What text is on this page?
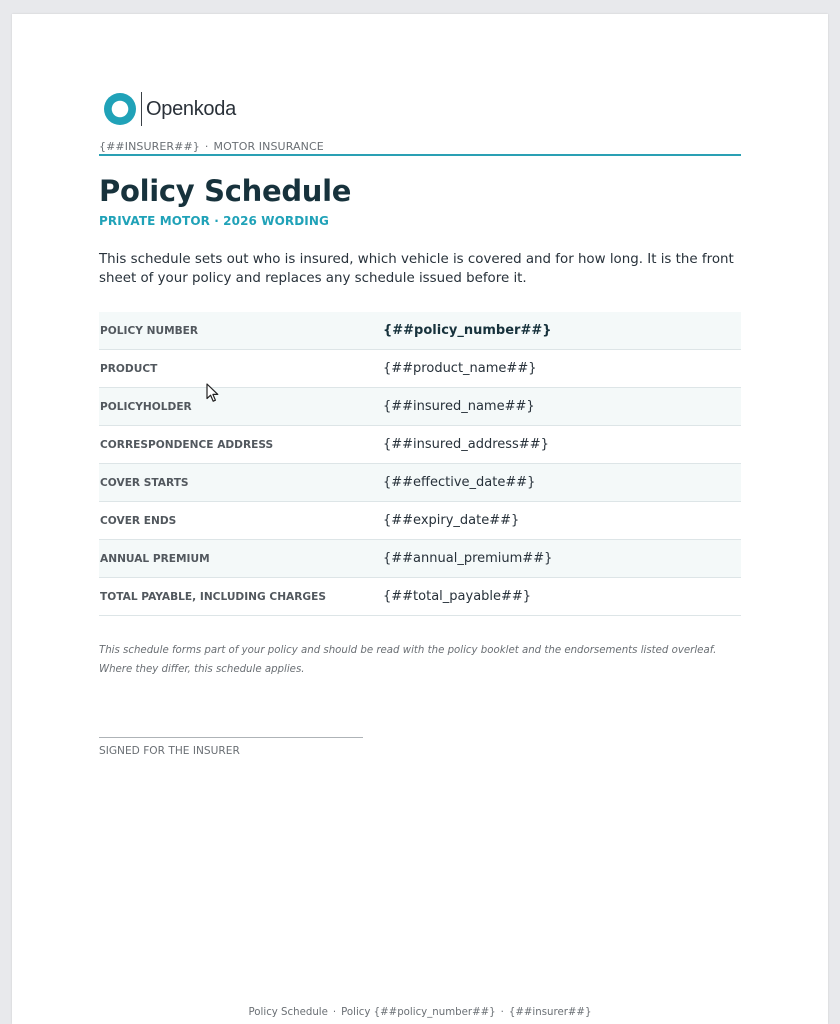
Openkoda
{##INSURER##} · MOTOR INSURANCE
Policy Schedule
PRIVATE MOTOR · 2026 WORDING

This schedule sets out who is insured, which vehicle is covered and for how long. It is the front sheet of your policy and replaces any schedule issued before it.

POLICY NUMBER	{##policy_number##}
PRODUCT	{##product_name##}
POLICYHOLDER	{##insured_name##}
CORRESPONDENCE ADDRESS	{##insured_address##}
COVER STARTS	{##effective_date##}
COVER ENDS	{##expiry_date##}
ANNUAL PREMIUM	{##annual_premium##}
TOTAL PAYABLE, INCLUDING CHARGES	{##total_payable##}

This schedule forms part of your policy and should be read with the policy booklet and the endorsements listed overleaf. Where they differ, this schedule applies.

SIGNED FOR THE INSURER
Policy Schedule · Policy {##policy_number##} · {##insurer##}
